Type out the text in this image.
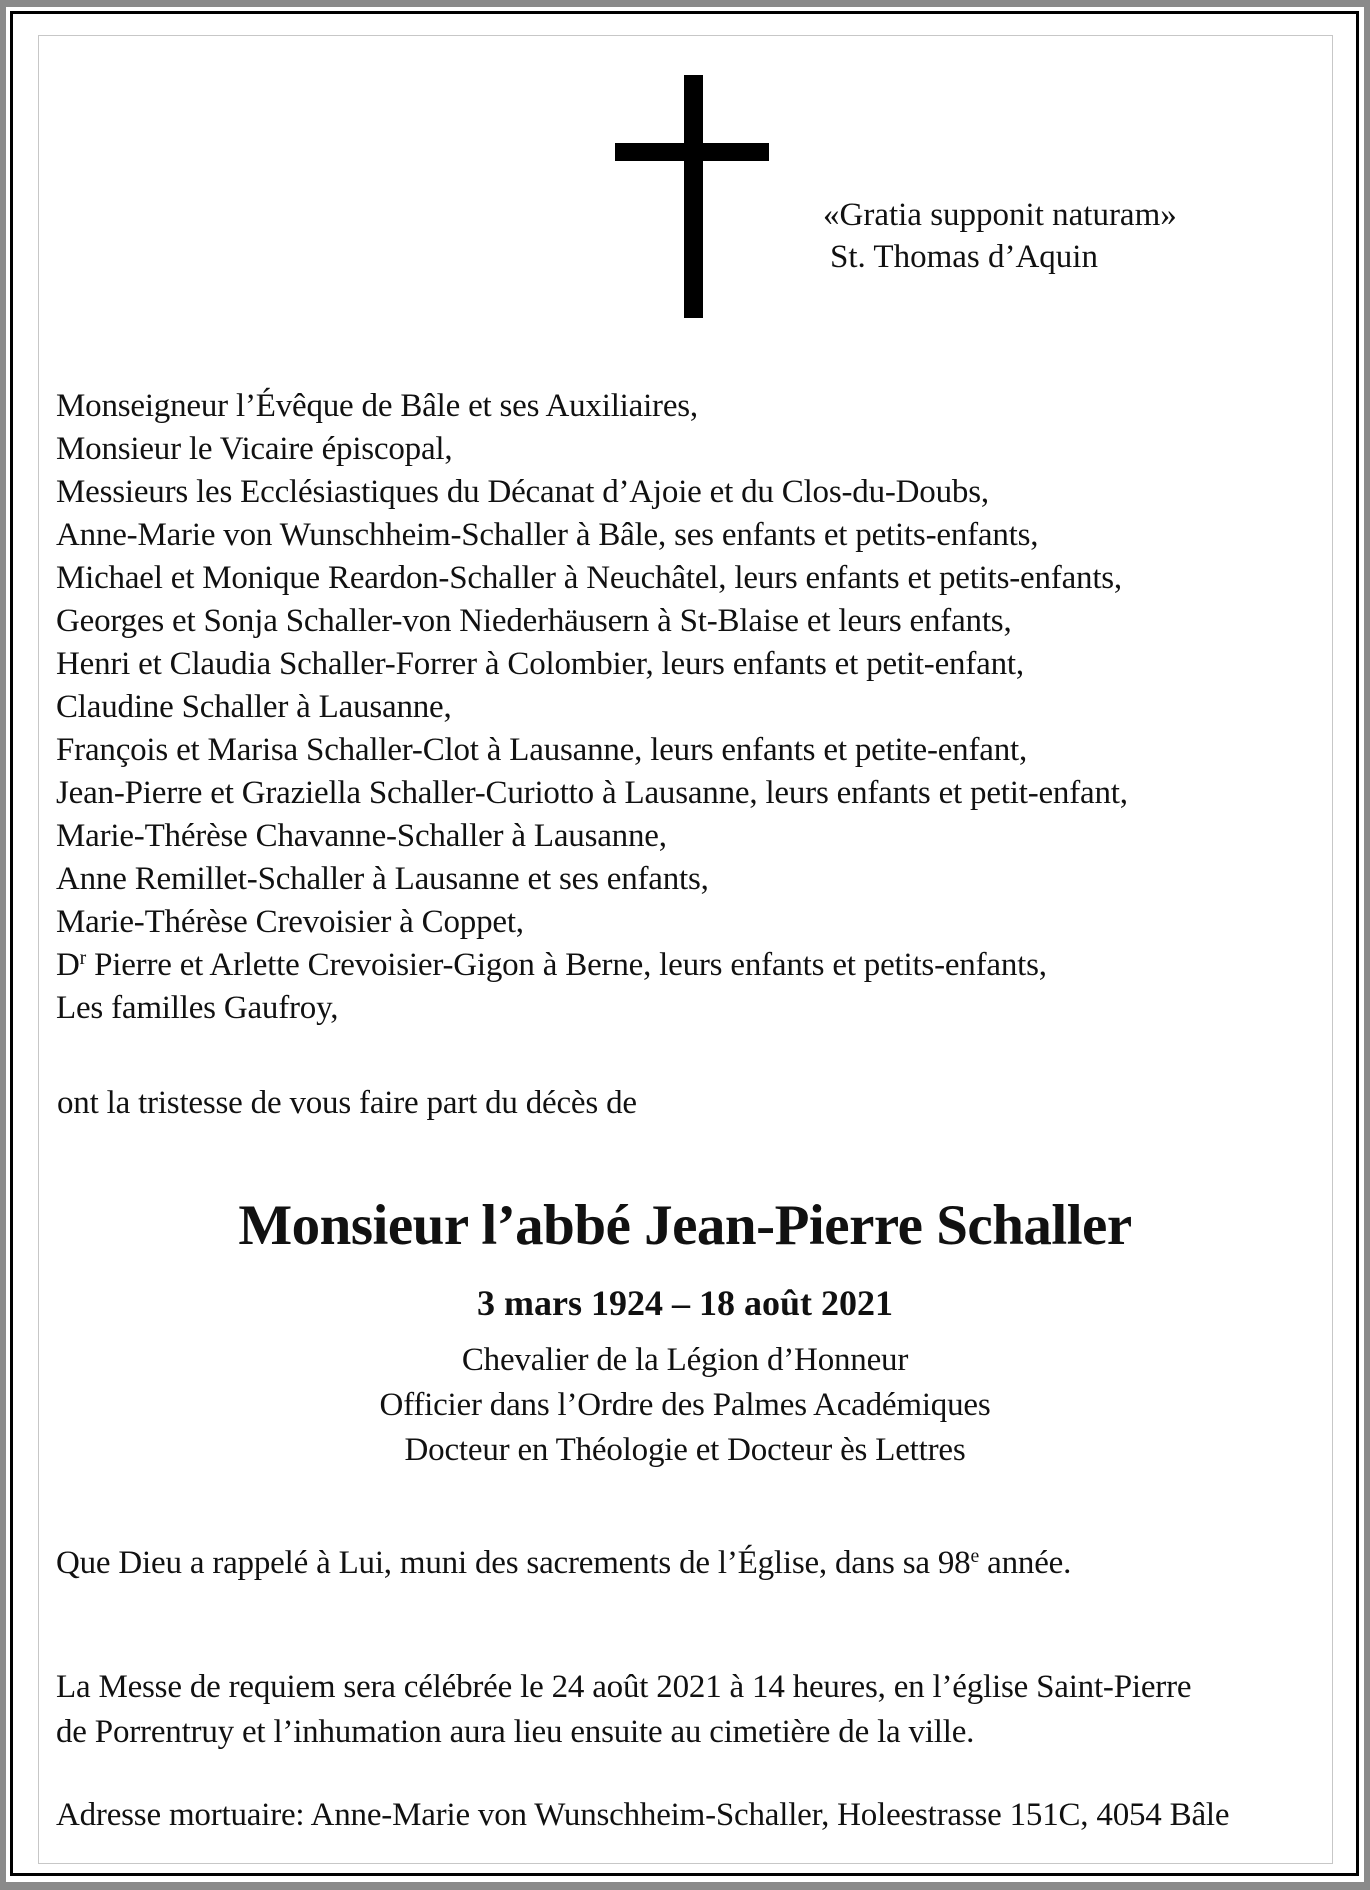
«Gratia supponit naturam»
St. Thomas d’Aquin
Monseigneur l’Évêque de Bâle et ses Auxiliaires,
Monsieur le Vicaire épiscopal,
Messieurs les Ecclésiastiques du Décanat d’Ajoie et du Clos-du-Doubs,
Anne-Marie von Wunschheim-Schaller à Bâle, ses enfants et petits-enfants,
Michael et Monique Reardon-Schaller à Neuchâtel, leurs enfants et petits-enfants,
Georges et Sonja Schaller-von Niederhäusern à St-Blaise et leurs enfants,
Henri et Claudia Schaller-Forrer à Colombier, leurs enfants et petit-enfant,
Claudine Schaller à Lausanne,
François et Marisa Schaller-Clot à Lausanne, leurs enfants et petite-enfant,
Jean-Pierre et Graziella Schaller-Curiotto à Lausanne, leurs enfants et petit-enfant,
Marie-Thérèse Chavanne-Schaller à Lausanne,
Anne Remillet-Schaller à Lausanne et ses enfants,
Marie-Thérèse Crevoisier à Coppet,
$D^r$ Pierre et Arlette Crevoisier-Gigon à Berne, leurs enfants et petits-enfants,
Les familles Gaufroy,
ont la tristesse de vous faire part du décès de
Monsieur l’abbé Jean-Pierre Schaller
3 mars 1924 – 18 août 2021
Chevalier de la Légion d’Honneur
Officier dans l’Ordre des Palmes Académiques
Docteur en Théologie et Docteur ès Lettres
Que Dieu a rappelé à Lui, muni des sacrements de l’Église, dans sa 98e année.
La Messe de requiem sera célébrée le 24 août 2021 à 14 heures, en l’église Saint-Pierre
de Porrentruy et l’inhumation aura lieu ensuite au cimetière de la ville.
Adresse mortuaire: Anne-Marie von Wunschheim-Schaller, Holeestrasse 151C, 4054 Bâle
